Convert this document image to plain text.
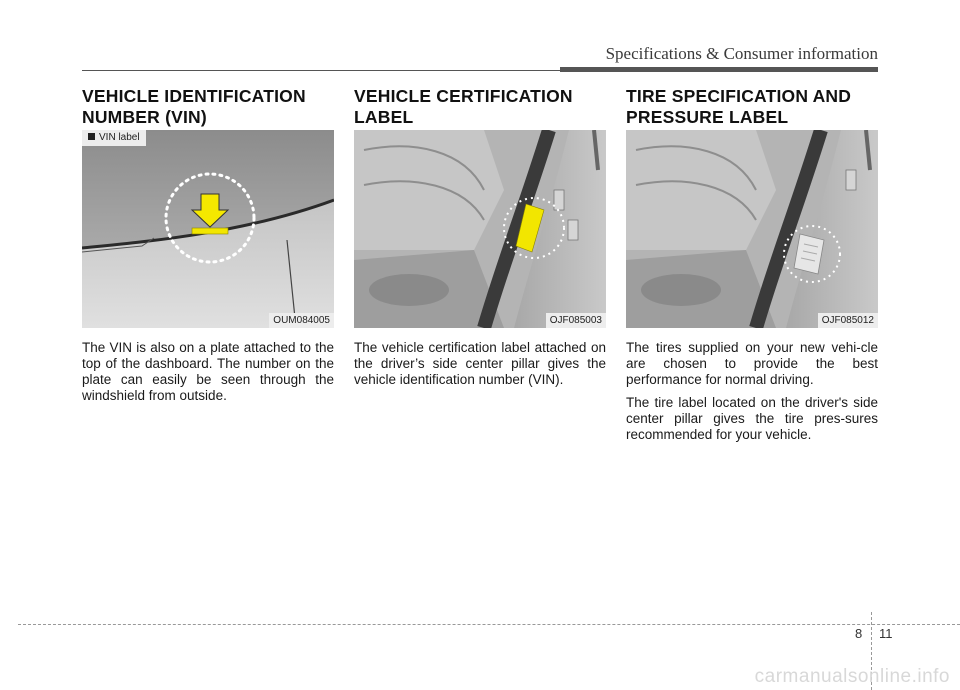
Specifications & Consumer information
VEHICLE IDENTIFICATION NUMBER (VIN)
VIN label
OUM084005

The VIN is also on a plate attached to the top of the dashboard. The number on the plate can easily be seen through the windshield from outside.

VEHICLE CERTIFICATION LABEL
OJF085003

The vehicle certification label attached on the driver’s side center pillar gives the vehicle identification number (VIN).

TIRE SPECIFICATION AND PRESSURE LABEL
OJF085012

The tires supplied on your new vehi-cle are chosen to provide the best performance for normal driving.

The tire label located on the driver's side center pillar gives the tire pres-sures recommended for your vehicle.

8 11
carmanualsonline.info
